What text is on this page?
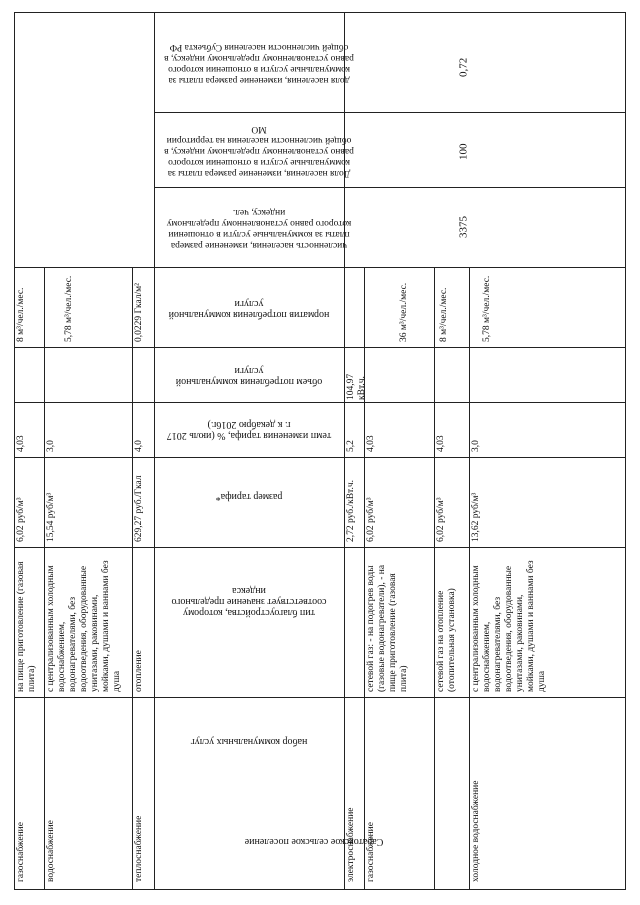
набор коммунальных услуг
тип благоустройства, которому соответствует значение предельного индекса
размер тарифа*
темп изменения тарифа, % (июль 2017 г. к декабрю 2016г.)
объем потребления коммунальной услуги
норматив потребления коммунальной услуги
численность населения, изменение размера платы за коммунальные услуги в отношении которого равно установленному предельному индексу, чел.
Доля населения, изменение размера платы за коммунальные услуги в отношении которого равно установленному предельному индексу, в общей численности населения на территории МО
доля населения, изменение размера платы за коммунальные услуги в отношении которого равно установленному предельному индексу, в общей численности населения Субъекта РФ
Саратовское сельское поселение
газоснабжение
на пище приготовление (газовая плита)
6,02 руб/м³
4,03
8 м³/чел./мес.
водоснабжение
с централизованным холодным водоснабжением, водонагревателями, без водоотведения, оборудованные унитазами, раковинами, мойками, душами и ваннами без душа
15,54 руб/м³
3,0
5,78 м³/чел./мес.
теплоснабжение
отопление
629,27 руб./Гкал
4,0
0,0229 Гкал/м²
электроснабжение
2,72 руб./кВт.ч.
5,2
104,97 кВт.ч.
газоснабжение
сетевой газ: - на подогрев воды (газовые водонагреватели), - на пище приготовление (газовая плита)
6,02 руб/м³
4,03
36 м³/чел./мес.
сетевой газ на отопление (отопительная установка)
6,02 руб/м³
4,03
8 м³/чел./мес.
холодное водоснабжение
с централизованным холодным водоснабжением, водонагревателями, без водоотведения, оборудованные унитазами, раковинами, мойками, душами и ваннами без душа
13,62 руб/м³
3,0
5,78 м³/чел./мес.
3375
100
0,72
